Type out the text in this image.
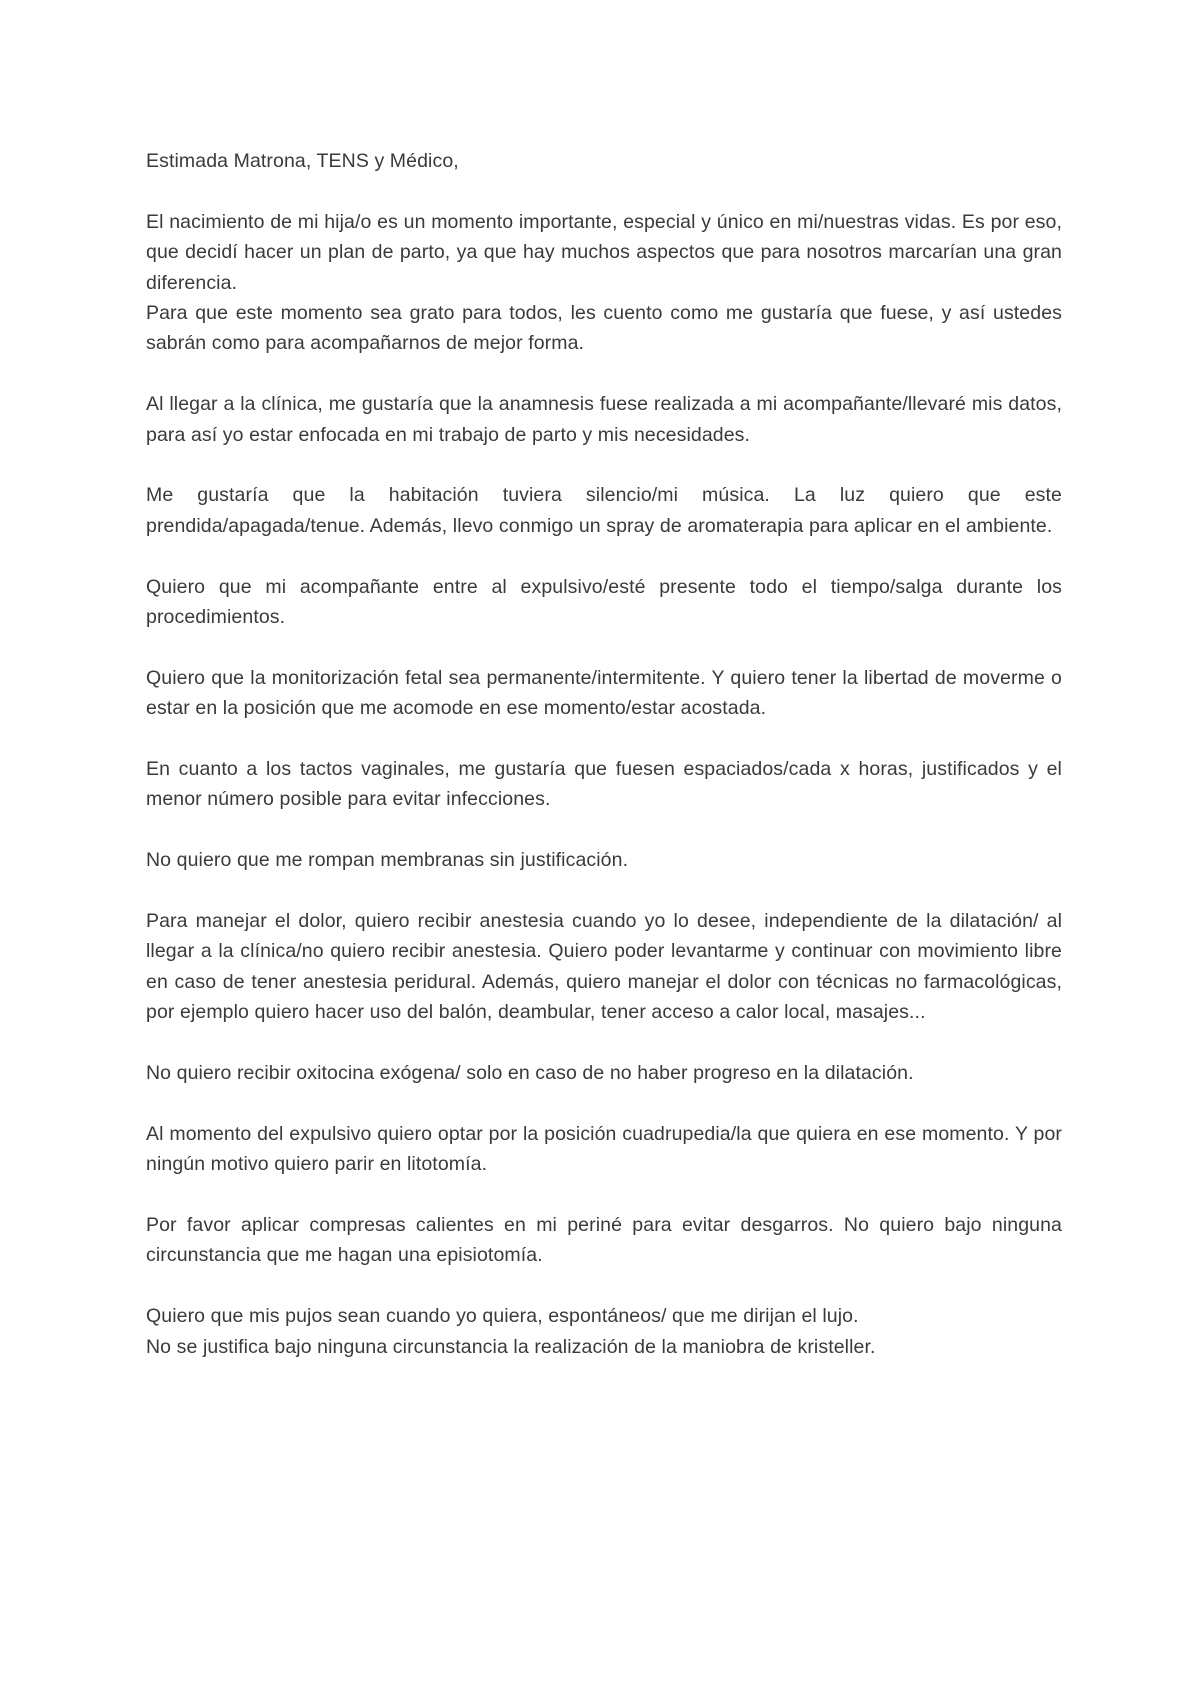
Estimada Matrona, TENS y Médico,

El nacimiento de mi hija/o es un momento importante, especial y único en mi/nuestras vidas. Es por eso, que decidí hacer un plan de parto, ya que hay muchos aspectos que para nosotros marcarían una gran diferencia.

Para que este momento sea grato para todos, les cuento como me gustaría que fuese, y así ustedes sabrán como para acompañarnos de mejor forma.

Al llegar a la clínica, me gustaría que la anamnesis fuese realizada a mi acompañante/llevaré mis datos, para así yo estar enfocada en mi trabajo de parto y mis necesidades.

Me gustaría que la habitación tuviera silencio/mi música. La luz quiero que este prendida/apagada/tenue. Además, llevo conmigo un spray de aromaterapia para aplicar en el ambiente.

Quiero que mi acompañante entre al expulsivo/esté presente todo el tiempo/salga durante los procedimientos.

Quiero que la monitorización fetal sea permanente/intermitente. Y quiero tener la libertad de moverme o estar en la posición que me acomode en ese momento/estar acostada.

En cuanto a los tactos vaginales, me gustaría que fuesen espaciados/cada x horas, justificados y el menor número posible para evitar infecciones.

No quiero que me rompan membranas sin justificación.

Para manejar el dolor, quiero recibir anestesia cuando yo lo desee, independiente de la dilatación/ al llegar a la clínica/no quiero recibir anestesia. Quiero poder levantarme y continuar con movimiento libre en caso de tener anestesia peridural. Además, quiero manejar el dolor con técnicas no farmacológicas, por ejemplo quiero hacer uso del balón, deambular, tener acceso a calor local, masajes...

No quiero recibir oxitocina exógena/ solo en caso de no haber progreso en la dilatación.

Al momento del expulsivo quiero optar por la posición cuadrupedia/la que quiera en ese momento. Y por ningún motivo quiero parir en litotomía.

Por favor aplicar compresas calientes en mi periné para evitar desgarros. No quiero bajo ninguna circunstancia que me hagan una episiotomía.

Quiero que mis pujos sean cuando yo quiera, espontáneos/ que me dirijan el lujo.

No se justifica bajo ninguna circunstancia la realización de la maniobra de kristeller.
